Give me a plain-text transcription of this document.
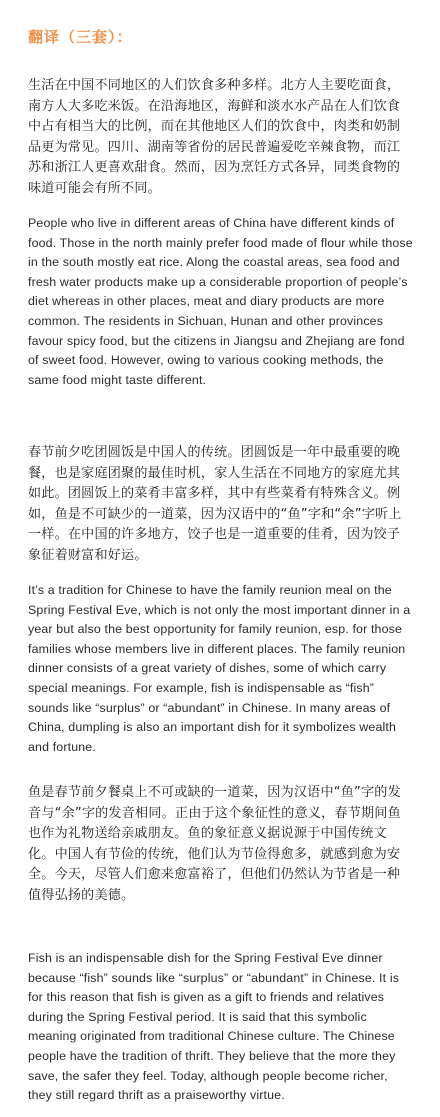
翻译（三套）：

生活在中国不同地区的人们饮食多种多样。北方人主要吃面食，南方人大多吃米饭。在沿海地区，海鲜和淡水水产品在人们饮食中占有相当大的比例，而在其他地区人们的饮食中，肉类和奶制品更为常见。四川、湖南等省份的居民普遍爱吃辛辣食物，而江苏和浙江人更喜欢甜食。然而，因为烹饪方式各异，同类食物的味道可能会有所不同。

People who live in different areas of China have different kinds of food. Those in the north mainly prefer food made of flour while those in the south mostly eat rice. Along the coastal areas, sea food and fresh water products make up a considerable proportion of people’s diet whereas in other places, meat and diary products are more common. The residents in Sichuan, Hunan and other provinces favour spicy food, but the citizens in Jiangsu and Zhejiang are fond of sweet food. However, owing to various cooking methods, the same food might taste different.

春节前夕吃团圆饭是中国人的传统。团圆饭是一年中最重要的晚餐，也是家庭团聚的最佳时机，家人生活在不同地方的家庭尤其如此。团圆饭上的菜肴丰富多样，其中有些菜肴有特殊含义。例如，鱼是不可缺少的一道菜，因为汉语中的“鱼”字和“余”字听上一样。在中国的许多地方，饺子也是一道重要的佳肴，因为饺子象征着财富和好运。

It’s a tradition for Chinese to have the family reunion meal on the Spring Festival Eve, which is not only the most important dinner in a year but also the best opportunity for family reunion, esp. for those families whose members live in different places. The family reunion dinner consists of a great variety of dishes, some of which carry special meanings. For example, fish is indispensable as “fish” sounds like “surplus” or “abundant” in Chinese. In many areas of China, dumpling is also an important dish for it symbolizes wealth and fortune.

鱼是春节前夕餐桌上不可或缺的一道菜，因为汉语中“鱼”字的发音与“余”字的发音相同。正由于这个象征性的意义，春节期间鱼也作为礼物送给亲戚朋友。鱼的象征意义据说源于中国传统文化。中国人有节俭的传统，他们认为节俭得愈多，就感到愈为安全。今天，尽管人们愈来愈富裕了，但他们仍然认为节省是一种值得弘扬的美德。

Fish is an indispensable dish for the Spring Festival Eve dinner because “fish” sounds like “surplus” or “abundant” in Chinese. It is for this reason that fish is given as a gift to friends and relatives during the Spring Festival period. It is said that this symbolic meaning originated from traditional Chinese culture. The Chinese people have the tradition of thrift. They believe that the more they save, the safer they feel. Today, although people become richer, they still regard thrift as a praiseworthy virtue.
